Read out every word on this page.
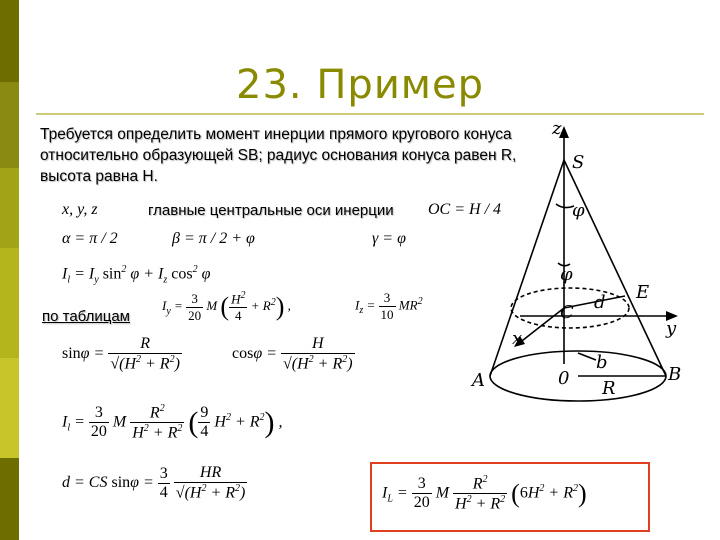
23. Пример
Требуется определить момент инерции прямого кругового конуса относительно образующей SB; радиус основания конуса равен R, высота равна H.
x, y, z	главные центральные оси инерции OC = H / 4
α = π / 2	β = π / 2 + φ	γ = φ
$I_l = I_y$ $\sin^2 \varphi + I_z$ $\cos^2 \varphi$
по таблицам
$I_y = \frac{3}{20}$ M ( $\frac{H^2}{4} + R^2$) ,	$I_z = \frac{3}{10} MR^2$
$\sin\varphi = \frac{R}{√(H^2 + R^2)}$	$\cos\varphi = \frac{H}{√(H^2 + R^2)}$
$I_l = \frac{3}{20}$ M $\frac{R^2}{H^2 + R^2}$ ( $\frac{9}{4} H^2 + R^2$) ,
d = CS $\sin\varphi = \frac{3}{4}$
$\frac{HR}{√(H^2 + R^2)}$	$I_L = \frac{3}{20}$ M $\frac{R^2}{H^2 + R^2} (6H^2 + R^2)$
z
S
φ
φ
E
C d
y
x
b
A	0	B
R
